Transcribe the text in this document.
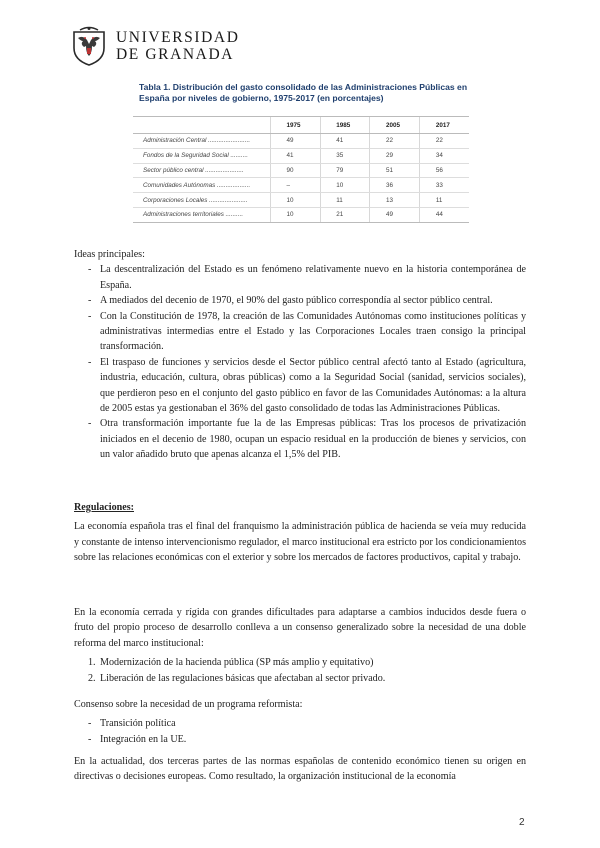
UNIVERSIDAD
DE GRANADA
Tabla 1. Distribución del gasto consolidado de las Administraciones Públicas en
España por niveles de gobierno, 1975-2017 (en porcentajes)
		1975		1985		2005		2017
Administración Central ........................		49		41		22		22
Fondos de la Seguridad Social ..........		41		35		29		34
Sector público central ......................		90		79		51		56
Comunidades Autónomas ...................		–		10		36		33
Corporaciones Locales ......................		10		11		13		11
Administraciones territoriales ..........		10		21		49		44

Ideas principales:

- La descentralización del Estado es un fenómeno relativamente nuevo en la historia contemporánea de España.
- A mediados del decenio de 1970, el 90% del gasto público correspondía al sector público central.
- Con la Constitución de 1978, la creación de las Comunidades Autónomas como instituciones políticas y administrativas intermedias entre el Estado y las Corporaciones Locales traen consigo la principal transformación.
- El traspaso de funciones y servicios desde el Sector público central afectó tanto al Estado (agricultura, industria, educación, cultura, obras públicas) como a la Seguridad Social (sanidad, servicios sociales), que perdieron peso en el conjunto del gasto público en favor de las Comunidades Autónomas: a la altura de 2005 estas ya gestionaban el 36% del gasto consolidado de todas las Administraciones Públicas.
- Otra transformación importante fue la de las Empresas públicas: Tras los procesos de privatización iniciados en el decenio de 1980, ocupan un espacio residual en la producción de bienes y servicios, con un valor añadido bruto que apenas alcanza el 1,5% del PIB.

Regulaciones:

La economía española tras el final del franquismo la administración pública de hacienda se veía muy reducida y constante de intenso intervencionismo regulador, el marco institucional era estricto por los condicionamientos sobre las relaciones económicas con el exterior y sobre los mercados de factores productivos, capital y trabajo.

En la economía cerrada y rígida con grandes dificultades para adaptarse a cambios inducidos desde fuera o fruto del propio proceso de desarrollo conlleva a un consenso generalizado sobre la necesidad de una doble reforma del marco institucional:

1. Modernización de la hacienda pública (SP más amplio y equitativo)
2. Liberación de las regulaciones básicas que afectaban al sector privado.

Consenso sobre la necesidad de un programa reformista:

- Transición política
- Integración en la UE.

En la actualidad, dos terceras partes de las normas españolas de contenido económico tienen su origen en directivas o decisiones europeas. Como resultado, la organización institucional de la economía

2
